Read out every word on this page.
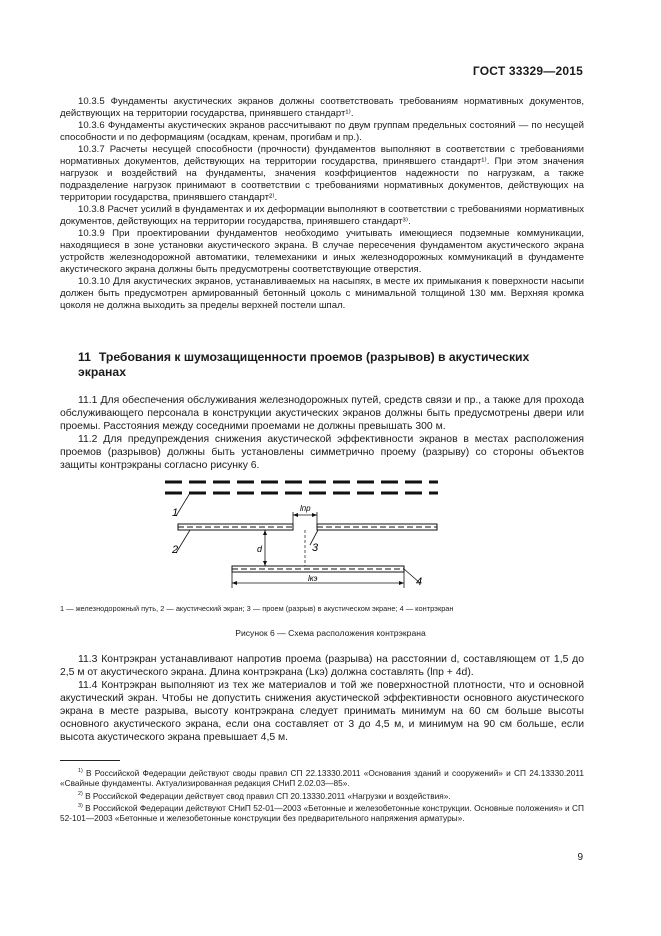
ГОСТ 33329—2015

10.3.5 Фундаменты акустических экранов должны соответствовать требованиям нормативных документов, действующих на территории государства, принявшего стандарт¹⁾.

10.3.6 Фундаменты акустических экранов рассчитывают по двум группам предельных состояний — по несущей способности и по деформациям (осадкам, кренам, прогибам и пр.).

10.3.7 Расчеты несущей способности (прочности) фундаментов выполняют в соответствии с требованиями нормативных документов, действующих на территории государства, принявшего стандарт¹⁾. При этом значения нагрузок и воздействий на фундаменты, значения коэффициентов надежности по нагрузкам, а также подразделение нагрузок принимают в соответствии с требованиями нормативных документов, действующих на территории государства, принявшего стандарт²⁾.

10.3.8 Расчет усилий в фундаментах и их деформации выполняют в соответствии с требованиями нормативных документов, действующих на территории государства, принявшего стандарт³⁾.

10.3.9 При проектировании фундаментов необходимо учитывать имеющиеся подземные коммуникации, находящиеся в зоне установки акустического экрана. В случае пересечения фундаментом акустического экрана устройств железнодорожной автоматики, телемеханики и иных железнодорожных коммуникаций в фундаменте акустического экрана должны быть предусмотрены соответствующие отверстия.

10.3.10 Для акустических экранов, устанавливаемых на насыпях, в месте их примыкания к поверхности насыпи должен быть предусмотрен армированный бетонный цоколь с минимальной толщиной 130 мм. Верхняя кромка цоколя не должна выходить за пределы верхней постели шпал.

11 Требования к шумозащищенности проемов (разрывов) в акустических экранах

11.1 Для обеспечения обслуживания железнодорожных путей, средств связи и пр., а также для прохода обслуживающего персонала в конструкции акустических экранов должны быть предусмотрены двери или проемы. Расстояния между соседними проемами не должны превышать 300 м.

11.2 Для предупреждения снижения акустической эффективности экранов в местах расположения проемов (разрывов) должны быть установлены симметрично проему (разрыву) со стороны объектов защиты контрэкраны согласно рисунку 6.

1
2	3
4
d
lпр
lкэ
1 — железнодорожный путь, 2 — акустический экран; 3 — проем (разрыв) в акустическом экране; 4 — контрэкран
Рисунок 6 — Схема расположения контрэкрана

11.3 Контрэкран устанавливают напротив проема (разрыва) на расстоянии d, составляющем от 1,5 до 2,5 м от акустического экрана. Длина контрэкрана (Lкэ) должна составлять (lпр + 4d).

11.4 Контрэкран выполняют из тех же материалов и той же поверхностной плотности, что и основной акустический экран. Чтобы не допустить снижения акустической эффективности основного акустического экрана в месте разрыва, высоту контрэкрана следует принимать минимум на 60 см больше высоты основного акустического экрана, если она составляет от 3 до 4,5 м, и минимум на 90 см больше, если высота акустического экрана превышает 4,5 м.

$^{1)}$ В Российской Федерации действуют своды правил СП 22.13330.2011 «Основания зданий и сооружений» и СП 24.13330.2011 «Свайные фундаменты. Актуализированная редакция СНиП 2.02.03—85».

$^{2)}$ В Российской Федерации действует свод правил СП 20.13330.2011 «Нагрузки и воздействия».

$^{3)}$ В Российской Федерации действуют СНиП 52-01—2003 «Бетонные и железобетонные конструкции. Основные положения» и СП 52-101—2003 «Бетонные и железобетонные конструкции без предварительного напряжения арматуры».

9
